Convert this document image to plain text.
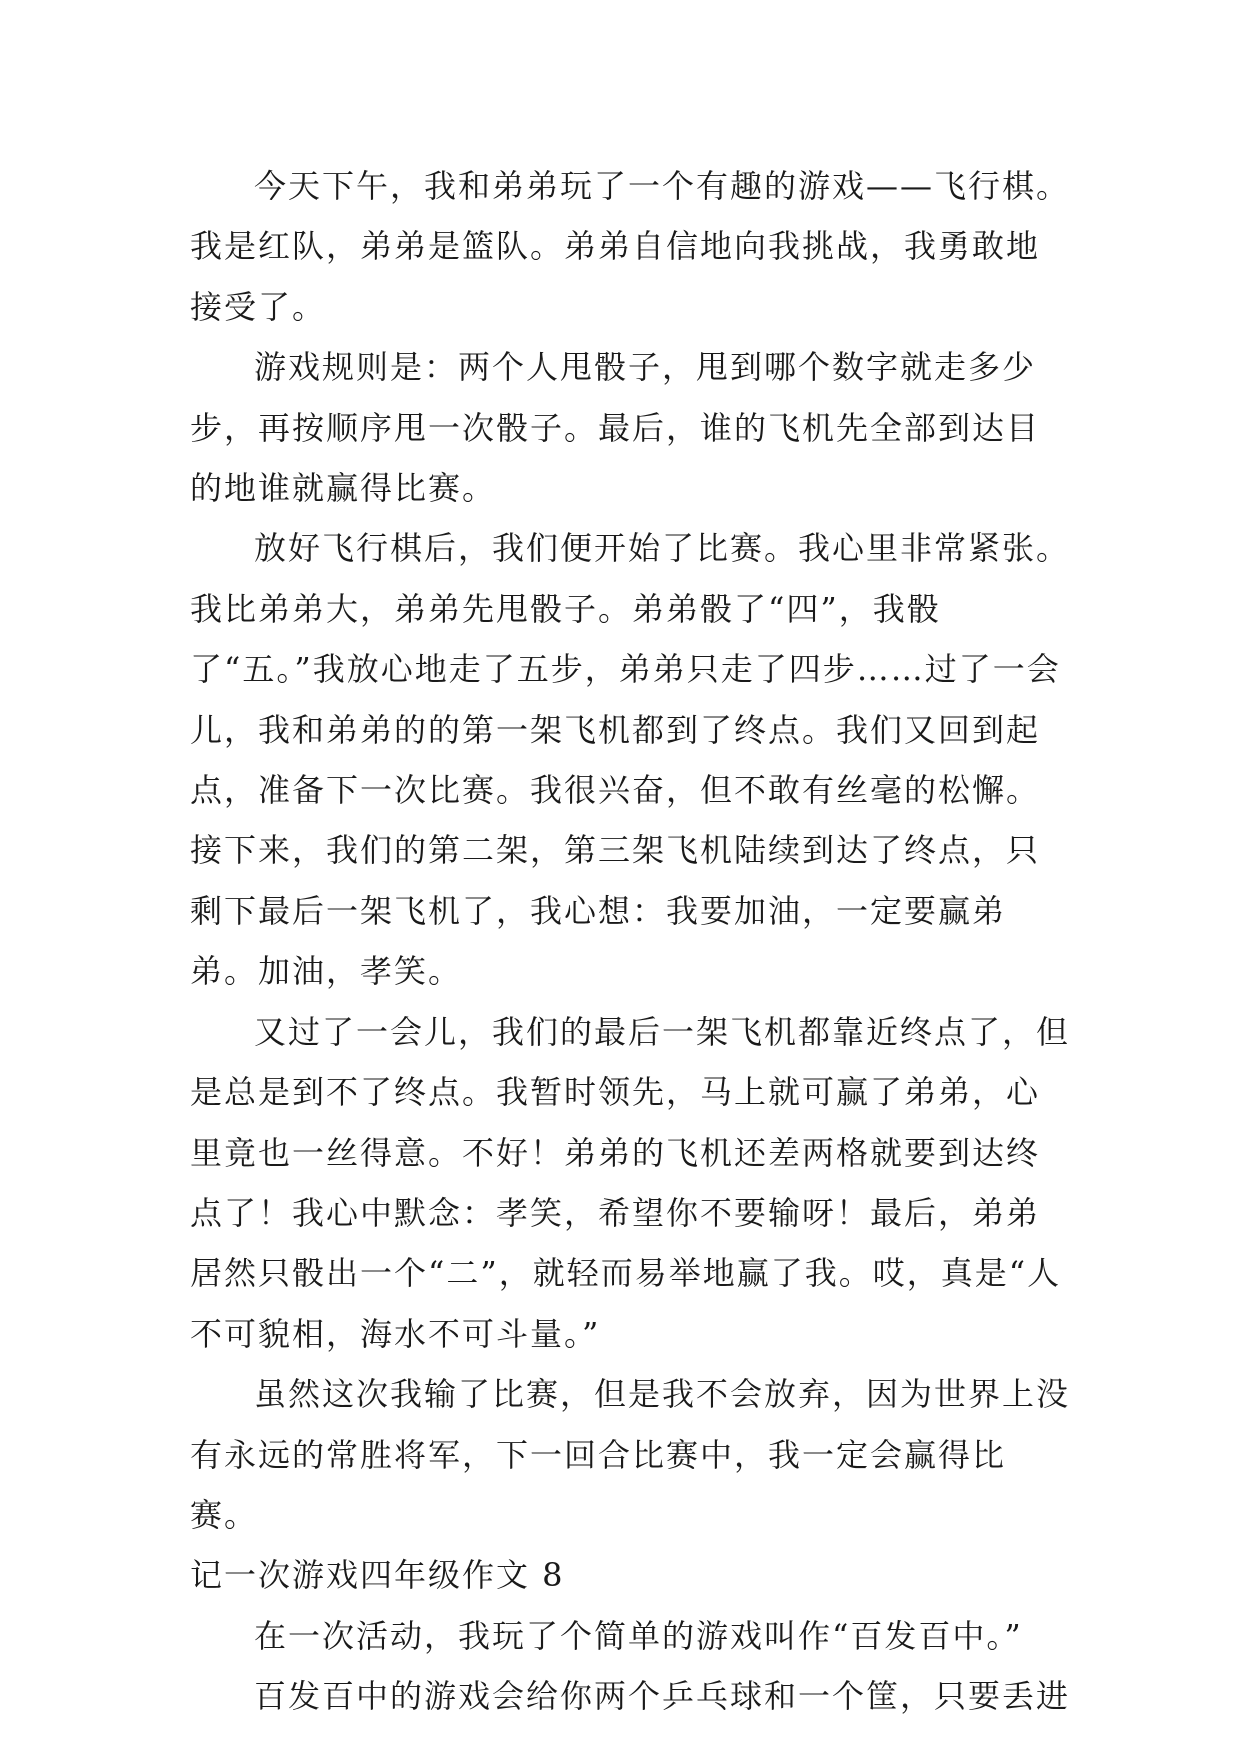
今天下午，我和弟弟玩了一个有趣的游戏——飞行棋。我是红队，弟弟是篮队。弟弟自信地向我挑战，我勇敢地接受了。

游戏规则是：两个人甩骰子，甩到哪个数字就走多少步，再按顺序甩一次骰子。最后，谁的飞机先全部到达目的地谁就赢得比赛。

放好飞行棋后，我们便开始了比赛。我心里非常紧张。我比弟弟大，弟弟先甩骰子。弟弟骰了“四”，我骰了“五。”我放心地走了五步，弟弟只走了四步……过了一会儿，我和弟弟的的第一架飞机都到了终点。我们又回到起点，准备下一次比赛。我很兴奋，但不敢有丝毫的松懈。接下来，我们的第二架，第三架飞机陆续到达了终点，只剩下最后一架飞机了，我心想：我要加油，一定要赢弟弟。加油，孝笑。

又过了一会儿，我们的最后一架飞机都靠近终点了，但是总是到不了终点。我暂时领先，马上就可赢了弟弟，心里竟也一丝得意。不好！弟弟的飞机还差两格就要到达终点了！我心中默念：孝笑，希望你不要输呀！最后，弟弟居然只骰出一个“二”，就轻而易举地赢了我。哎，真是“人不可貌相，海水不可斗量。”

虽然这次我输了比赛，但是我不会放弃，因为世界上没有永远的常胜将军，下一回合比赛中，我一定会赢得比赛。

记一次游戏四年级作文 8

在一次活动，我玩了个简单的游戏叫作“百发百中。”

百发百中的游戏会给你两个乒乓球和一个筐，只要丢进
